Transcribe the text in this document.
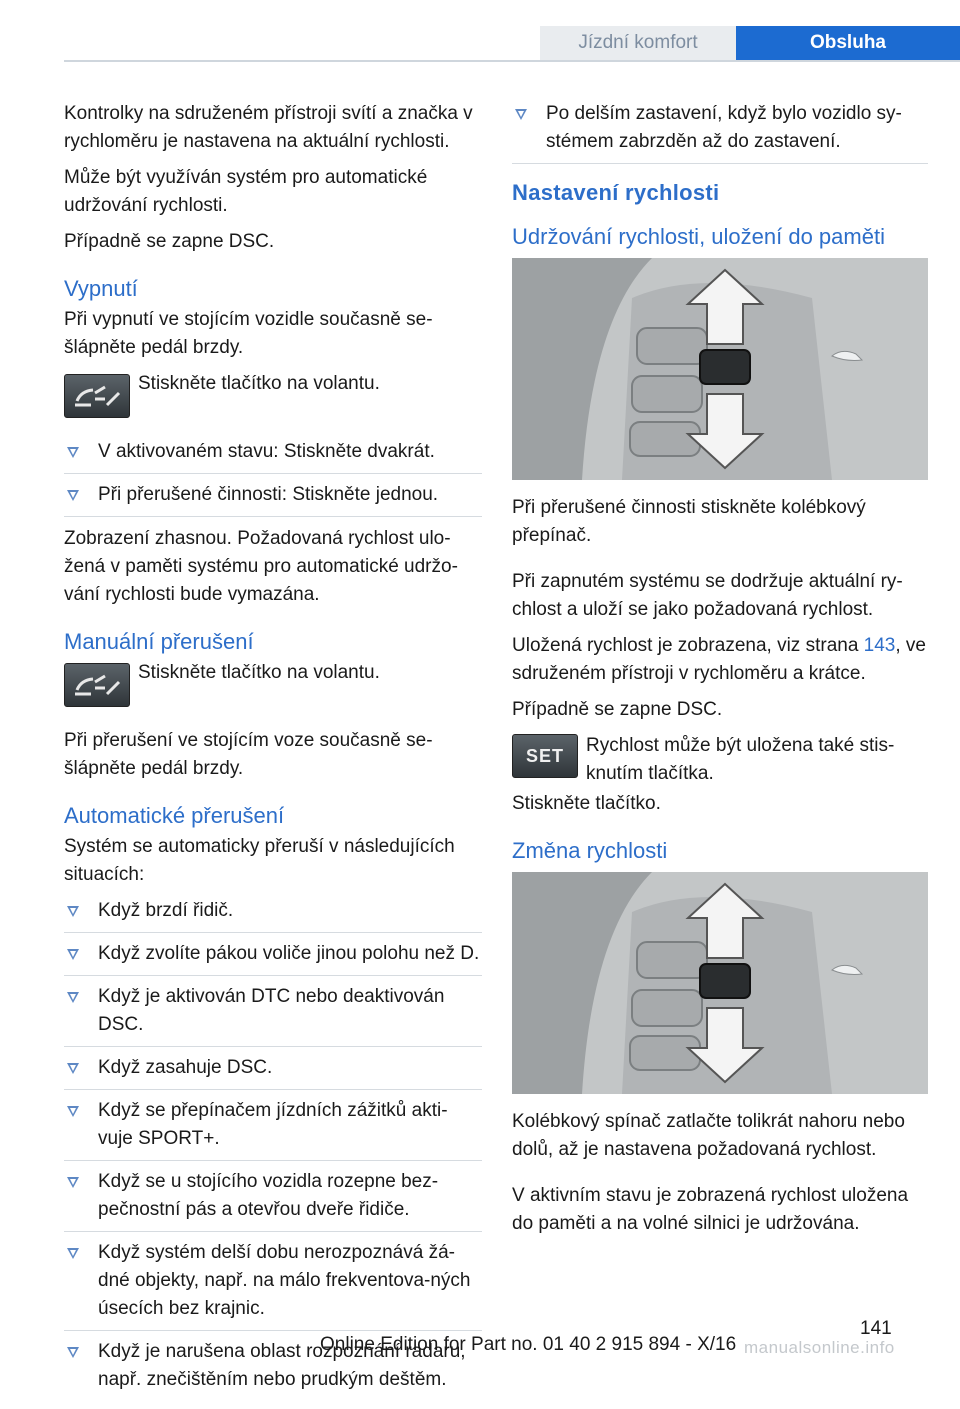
Jízdní komfort	Obsluha

Kontrolky na sdruženém přístroji svítí a značka v rychloměru je nastavena na aktuální rychlosti.

Může být využíván systém pro automatické udržování rychlosti.

Případně se zapne DSC.

Vypnutí

Při vypnutí ve stojícím vozidle současně se‐šlápněte pedál brzdy.

Stiskněte tlačítko na volantu.
V aktivovaném stavu: Stiskněte dvakrát.
Při přerušené činnosti: Stiskněte jednou.

Zobrazení zhasnou. Požadovaná rychlost ulo‐žená v paměti systému pro automatické udržo‐vání rychlosti bude vymazána.

Manuální přerušení
Stiskněte tlačítko na volantu.

Při přerušení ve stojícím voze současně se‐šlápněte pedál brzdy.

Automatické přerušení

Systém se automaticky přeruší v následujících situacích:

Když brzdí řidič.
Když zvolíte pákou voliče jinou polohu než D.
Když je aktivován DTC nebo deaktivován DSC.
Když zasahuje DSC.
Když se přepínačem jízdních zážitků akti‐vuje SPORT+.
Když se u stojícího vozidla rozepne bez‐pečnostní pás a otevřou dveře řidiče.
Když systém delší dobu nerozpoznává žá‐dné objekty, např. na málo frekventova‐ných úsecích bez krajnic.
Když je narušena oblast rozpoznání radaru, např. znečištěním nebo prudkým deštěm.
Po delším zastavení, když bylo vozidlo sy‐stémem zabrzděn až do zastavení.
Nastavení rychlosti
Udržování rychlosti, uložení do paměti

Při přerušené činnosti stiskněte kolébkový přepínač.

Při zapnutém systému se dodržuje aktuální ry‐chlost a uloží se jako požadovaná rychlost.

Uložená rychlost je zobrazena, viz strana 143, ve sdruženém přístroji v rychloměru a krátce.

Případně se zapne DSC.

SET Rychlost může být uložena také stis‐knutím tlačítka.

Stiskněte tlačítko.

Změna rychlosti

Kolébkový spínač zatlačte tolikrát nahoru nebo dolů, až je nastavena požadovaná rychlost.

V aktivním stavu je zobrazená rychlost uložena do paměti a na volné silnici je udržována.

141
Online Edition for Part no. 01 40 2 915 894 - X/16 manualsonline.info
